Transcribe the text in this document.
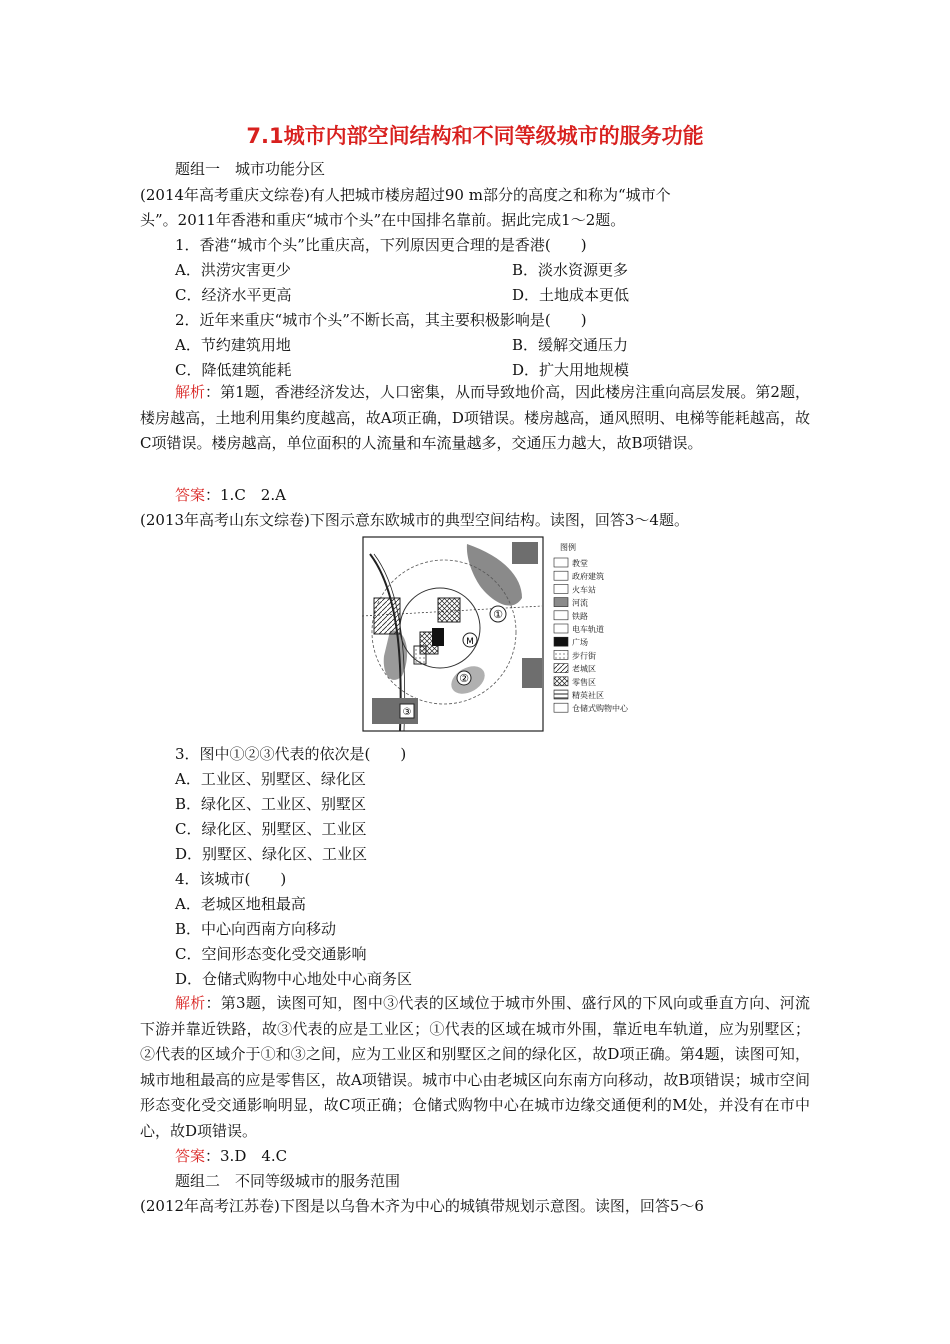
7.1城市内部空间结构和不同等级城市的服务功能
题组一　城市功能分区
(2014年高考重庆文综卷)有人把城市楼房超过90 m部分的高度之和称为“城市个
头”。2011年香港和重庆“城市个头”在中国排名靠前。据此完成1～2题。
1．香港“城市个头”比重庆高，下列原因更合理的是香港(　　)
A．洪涝灾害更少	B．淡水资源更多
C．经济水平更高	D．土地成本更低
2．近年来重庆“城市个头”不断长高，其主要积极影响是(　　)
A．节约建筑用地	B．缓解交通压力
C．降低建筑能耗	D．扩大用地规模
解析：第1题，香港经济发达，人口密集，从而导致地价高，因此楼房注重向高层发展。第2题，楼房越高，土地利用集约度越高，故A项正确，D项错误。楼房越高，通风照明、电梯等能耗越高，故C项错误。楼房越高，单位面积的人流量和车流量越多，交通压力越大，故B项错误。
答案：1.C　2.A
(2013年高考山东文综卷)下图示意东欧城市的典型空间结构。读图，回答3～4题。
①
②
③
M
图例
教堂
政府建筑
火车站
河流
铁路
电车轨道
广场
步行街
老城区
零售区
精英社区
仓储式购物中心
3．图中①②③代表的依次是(　　)
A．工业区、别墅区、绿化区
B．绿化区、工业区、别墅区
C．绿化区、别墅区、工业区
D．别墅区、绿化区、工业区
4．该城市(　　)
A．老城区地租最高
B．中心向西南方向移动
C．空间形态变化受交通影响
D．仓储式购物中心地处中心商务区
解析：第3题，读图可知，图中③代表的区域位于城市外围、盛行风的下风向或垂直方向、河流下游并靠近铁路，故③代表的应是工业区；①代表的区域在城市外围，靠近电车轨道，应为别墅区；②代表的区域介于①和③之间，应为工业区和别墅区之间的绿化区，故D项正确。第4题，读图可知，城市地租最高的应是零售区，故A项错误。城市中心由老城区向东南方向移动，故B项错误；城市空间形态变化受交通影响明显，故C项正确；仓储式购物中心在城市边缘交通便利的M处，并没有在市中心，故D项错误。
答案：3.D　4.C
题组二　不同等级城市的服务范围
(2012年高考江苏卷)下图是以乌鲁木齐为中心的城镇带规划示意图。读图，回答5～6
